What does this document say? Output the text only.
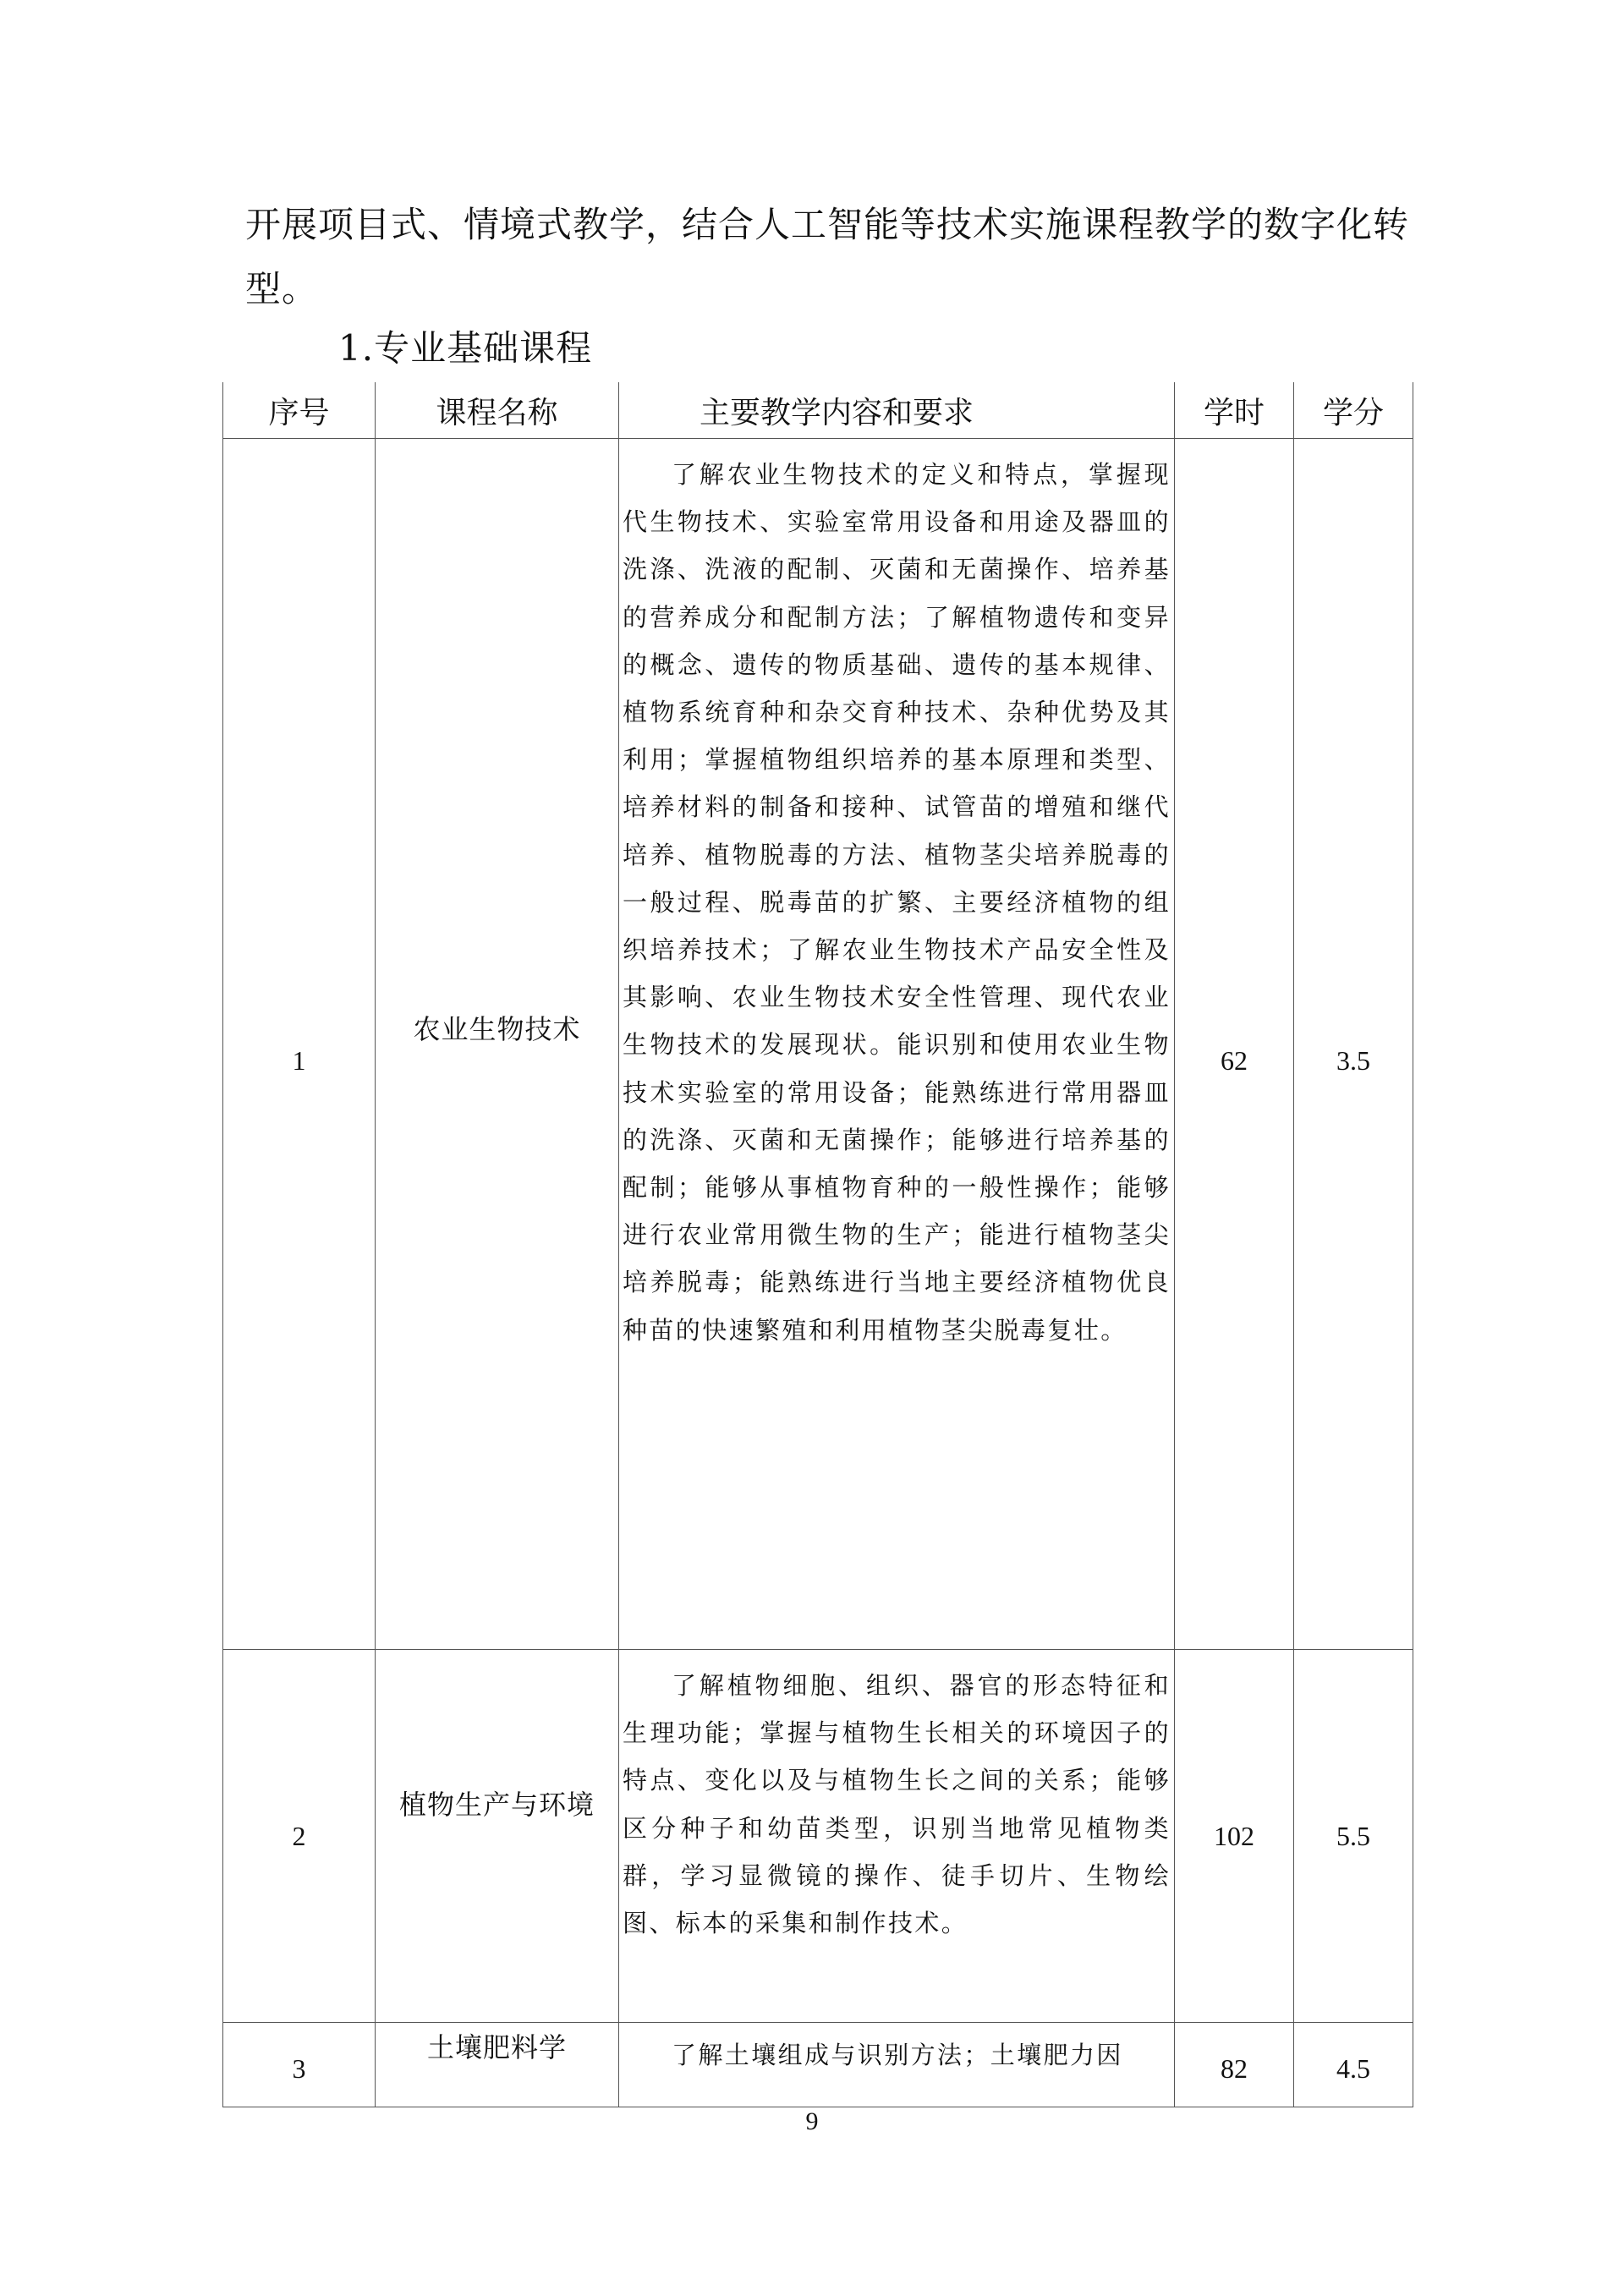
开展项目式、情境式教学，结合人工智能等技术实施课程教学的数字化转型。

1.专业基础课程

序号	课程名称	主要教学内容和要求	学时	学分
1	农业生物技术	了解农业生物技术的定义和特点，掌握现代生物技术、实验室常用设备和用途及器皿的洗涤、洗液的配制、灭菌和无菌操作、培养基的营养成分和配制方法；了解植物遗传和变异的概念、遗传的物质基础、遗传的基本规律、植物系统育种和杂交育种技术、杂种优势及其利用；掌握植物组织培养的基本原理和类型、培养材料的制备和接种、试管苗的增殖和继代培养、植物脱毒的方法、植物茎尖培养脱毒的一般过程、脱毒苗的扩繁、主要经济植物的组织培养技术；了解农业生物技术产品安全性及其影响、农业生物技术安全性管理、现代农业生物技术的发展现状。能识别和使用农业生物技术实验室的常用设备；能熟练进行常用器皿的洗涤、灭菌和无菌操作；能够进行培养基的配制；能够从事植物育种的一般性操作；能够进行农业常用微生物的生产；能进行植物茎尖培养脱毒；能熟练进行当地主要经济植物优良种苗的快速繁殖和利用植物茎尖脱毒复壮。	62	3.5
2	植物生产与环境	了解植物细胞、组织、器官的形态特征和生理功能；掌握与植物生长相关的环境因子的特点、变化以及与植物生长之间的关系；能够区分种子和幼苗类型，识别当地常见植物类群，学习显微镜的操作、徒手切片、生物绘图、标本的采集和制作技术。	102	5.5
3	土壤肥料学	了解土壤组成与识别方法；土壤肥力因	82	4.5

9
